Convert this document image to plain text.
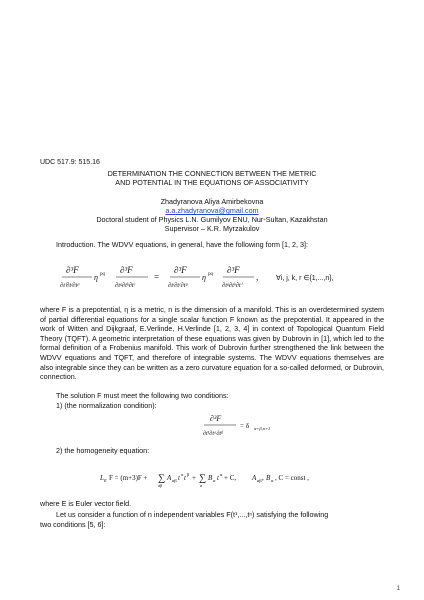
UDC 517.9: 515.16
DETERMINATION THE CONNECTION BETWEEN THE METRIC
AND POTENTIAL IN THE EQUATIONS OF ASSOCIATIVITY
Zhadyranova Aliya Amirbekovna
a.a.zhadyranova@gmail.com
Doctoral student of Physics L.N. Gumilyov ENU, Nur-Sultan, Kazakhstan
Supervisor – K.R. Myrzakulov
Introduction. The WDVV equations, in general, have the following form [1, 2, 3]:
∂³F
∂tⁱ∂tʲ∂tᵖ
η pq ∂³F
∂tᵍ∂tᵏ∂tʳ
=
∂³F
∂tʲ∂tʳ∂tᵖ
η pq ∂³F
∂tᵍ∂tᵏ∂tⁱ
,	∀i, j, k, r ∈{1,...,n},
where F is a prepotential, η is a metric, n is the dimension of a manifold. This is an overdetermined system of partial differential equations for a single scalar function F known as the prepotential. It appeared in the work of Witten and Dijkgraaf, E.Verlinde, H.Verlinde [1, 2, 3, 4] in context of Topological Quantum Field Theory (TQFT). A geometric interpretation of these equations was given by Dubrovin in [1], which led to the formal definition of a Frobenius manifold. This work of Dubrovin further strengthened the link between the WDVV equations and TQFT, and therefore of integrable systems. The WDVV equations themselves are also integrable since they can be written as a zero curvature equation for a so-called deformed, or Dubrovin, connection.
The solution F must meet the following two conditions:
1) (the normalization condition):
∂³F
∂t¹∂tᵃ∂tᵝ
= δ α+β,n+1
2) the homogeneity equation:
L E F = (m+3)F + ∑
αβ
A αβ t α t β + ∑
α
B α t α + C, A αβ , B α , C = const ,
where E is Euler vector field.
Let us consider a function of n independent variables F(t¹,...,tⁿ) satisfying the following
two conditions [5, 6]:
1
